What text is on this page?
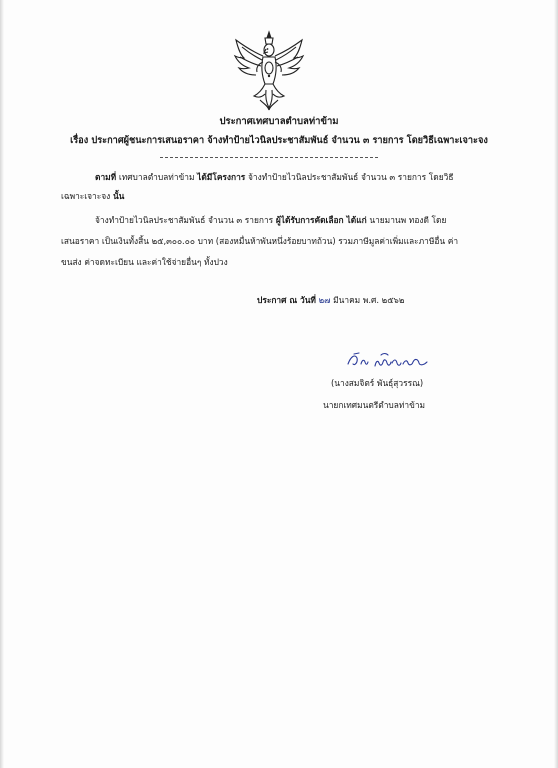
ประกาศเทศบาลตำบลท่าข้าม
เรื่อง ประกาศผู้ชนะการเสนอราคา จ้างทำป้ายไวนิลประชาสัมพันธ์ จำนวน ๓ รายการ โดยวิธีเฉพาะเจาะจง
ตามที่ เทศบาลตำบลท่าข้าม ได้มีโครงการ จ้างทำป้ายไวนิลประชาสัมพันธ์ จำนวน ๓ รายการ โดยวิธี
เฉพาะเจาะจง นั้น
จ้างทำป้ายไวนิลประชาสัมพันธ์ จำนวน ๓ รายการ ผู้ได้รับการคัดเลือก ได้แก่ นายมานพ ทองดี โดย
เสนอราคา เป็นเงินทั้งสิ้น ๒๕,๓๐๐.๐๐ บาท (สองหมื่นห้าพันหนึ่งร้อยบาทถ้วน) รวมภาษีมูลค่าเพิ่มและภาษีอื่น ค่า
ขนส่ง ค่าจดทะเบียน และค่าใช้จ่ายอื่นๆ ทั้งปวง
ประกาศ ณ วันที่ ๒๗ มีนาคม พ.ศ. ๒๕๖๒
(นางสมจิตร์ พันธุ์สุวรรณ)
นายกเทศมนตรีตำบลท่าข้าม
